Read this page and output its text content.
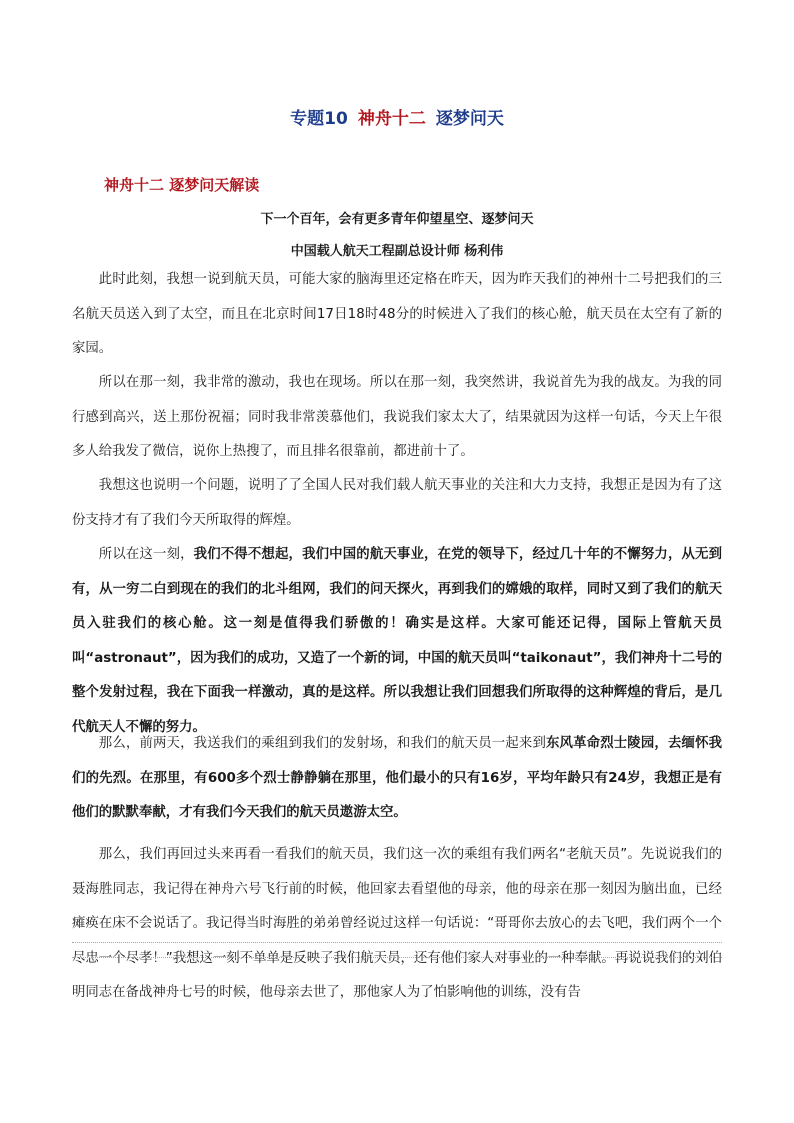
专题10 神舟十二 逐梦问天
神舟十二 逐梦问天解读
下一个百年，会有更多青年仰望星空、逐梦问天
中国载人航天工程副总设计师 杨利伟

此时此刻，我想一说到航天员，可能大家的脑海里还定格在昨天，因为昨天我们的神州十二号把我们的三名航天员送入到了太空，而且在北京时间17日18时48分的时候进入了我们的核心舱，航天员在太空有了新的家园。

所以在那一刻，我非常的激动，我也在现场。所以在那一刻，我突然讲，我说首先为我的战友。为我的同行感到高兴，送上那份祝福；同时我非常羡慕他们，我说我们家太大了，结果就因为这样一句话，今天上午很多人给我发了微信，说你上热搜了，而且排名很靠前，都进前十了。

我想这也说明一个问题，说明了了全国人民对我们载人航天事业的关注和大力支持，我想正是因为有了这份支持才有了我们今天所取得的辉煌。

所以在这一刻，我们不得不想起，我们中国的航天事业，在党的领导下，经过几十年的不懈努力，从无到有，从一穷二白到现在的我们的北斗组网，我们的问天探火，再到我们的嫦娥的取样，同时又到了我们的航天员入驻我们的核心舱。这一刻是值得我们骄傲的！确实是这样。大家可能还记得，国际上管航天员叫“astronaut”，因为我们的成功，又造了一个新的词，中国的航天员叫“taikonaut”，我们神舟十二号的整个发射过程，我在下面我一样激动，真的是这样。所以我想让我们回想我们所取得的这种辉煌的背后，是几代航天人不懈的努力。

那么，前两天，我送我们的乘组到我们的发射场，和我们的航天员一起来到东风革命烈士陵园，去缅怀我们的先烈。在那里，有600多个烈士静静躺在那里，他们最小的只有16岁，平均年龄只有24岁，我想正是有他们的默默奉献，才有我们今天我们的航天员遨游太空。

那么，我们再回过头来再看一看我们的航天员，我们这一次的乘组有我们两名“老航天员”。先说说我们的聂海胜同志，我记得在神舟六号飞行前的时候，他回家去看望他的母亲，他的母亲在那一刻因为脑出血，已经瘫痪在床不会说话了。我记得当时海胜的弟弟曾经说过这样一句话说：“哥哥你去放心的去飞吧，我们两个一个尽忠一个尽孝！”我想这一刻不单单是反映了我们航天员，还有他们家人对事业的一种奉献。再说说我们的刘伯明同志在备战神舟七号的时候，他母亲去世了，那他家人为了怕影响他的训练，没有告
